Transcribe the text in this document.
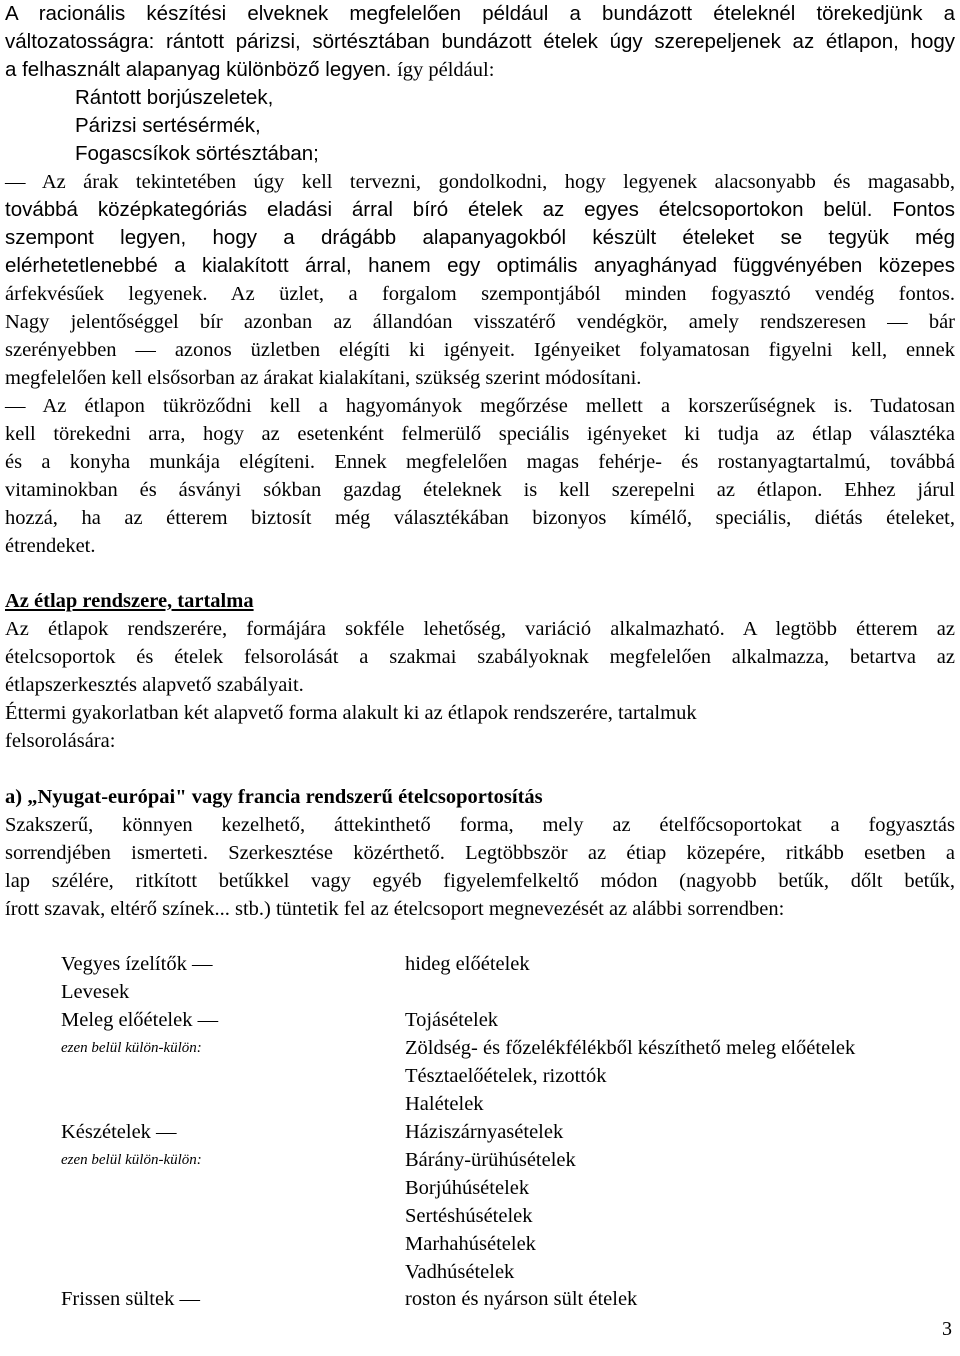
A racionális készítési elveknek megfelelően például a bundázott ételeknél törekedjünk a
változatosságra: rántott párizsi, sörtésztában bundázott ételek úgy szerepeljenek az étlapon, hogy
a felhasznált alapanyag különböző legyen. így például:
Rántott borjúszeletek,
Párizsi sertésérmék,
Fogascsíkok sörtésztában;
— Az árak tekintetében úgy kell tervezni, gondolkodni, hogy legyenek alacsonyabb és magasabb,
továbbá középkategóriás eladási árral bíró ételek az egyes ételcsoportokon belül. Fontos
szempont legyen, hogy a drágább alapanyagokból készült ételeket se tegyük még
elérhetetlenebbé a kialakított árral, hanem egy optimális anyaghányad függvényében közepes
árfekvésűek legyenek. Az üzlet, a forgalom szempontjából minden fogyasztó vendég fontos.
Nagy jelentőséggel bír azonban az állandóan visszatérő vendégkör, amely rendszeresen — bár
szerényebben — azonos üzletben elégíti ki igényeit. Igényeiket folyamatosan figyelni kell, ennek
megfelelően kell elsősorban az árakat kialakítani, szükség szerint módosítani.
— Az étlapon tükröződni kell a hagyományok megőrzése mellett a korszerűségnek is. Tudatosan
kell törekedni arra, hogy az esetenként felmerülő speciális igényeket ki tudja az étlap választéka
és a konyha munkája elégíteni. Ennek megfelelően magas fehérje- és rostanyagtartalmú, továbbá
vitaminokban és ásványi sókban gazdag ételeknek is kell szerepelni az étlapon. Ehhez járul
hozzá, ha az étterem biztosít még választékában bizonyos kímélő, speciális, diétás ételeket,
étrendeket.
Az étlap rendszere, tartalma
Az étlapok rendszerére, formájára sokféle lehetőség, variáció alkalmazható. A legtöbb étterem az
ételcsoportok és ételek felsorolását a szakmai szabályoknak megfelelően alkalmazza, betartva az
étlapszerkesztés alapvető szabályait.
Éttermi gyakorlatban két alapvető forma alakult ki az étlapok rendszerére, tartalmuk
felsorolására:
a) „Nyugat-európai" vagy francia rendszerű ételcsoportosítás
Szakszerű, könnyen kezelhető, áttekinthető forma, mely az ételfőcsoportokat a fogyasztás
sorrendjében ismerteti. Szerkesztése közérthető. Legtöbbször az étiap közepére, ritkább esetben a
lap szélére, ritkított betűkkel vagy egyéb figyelemfelkeltő módon (nagyobb betűk, dőlt betűk,
írott szavak, eltérő színek... stb.) tüntetik fel az ételcsoport megnevezését az alábbi sorrendben:
Vegyes ízelítők —
Levesek
Meleg előételek —
ezen belül külön-külön:
Készételek —
ezen belül külön-külön:
Frissen sültek —
hideg előételek
Tojásételek
Zöldség- és főzelékfélékből készíthető meleg előételek
Tésztaelőételek, rizottók
Halételek
Háziszárnyasételek
Bárány-ürühúsételek
Borjúhúsételek
Sertéshúsételek
Marhahúsételek
Vadhúsételek
roston és nyárson sült ételek
3
